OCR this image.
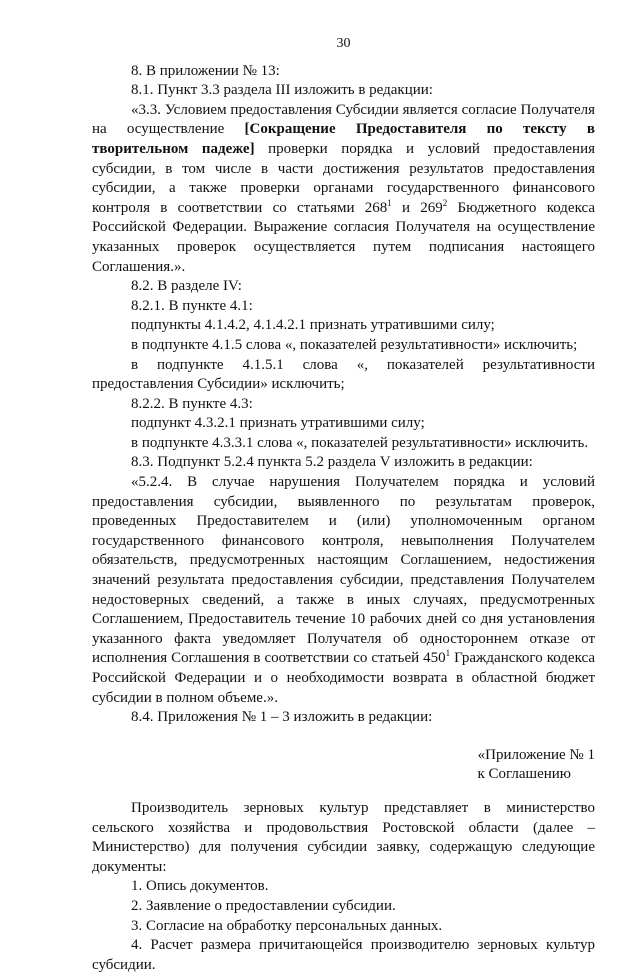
30

8. В приложении № 13:

8.1. Пункт 3.3 раздела III изложить в редакции:

«3.3. Условием предоставления Субсидии является согласие Получателя на осуществление [Сокращение Предоставителя по тексту в творительном падеже] проверки порядка и условий предоставления субсидии, в том числе в части достижения результатов предоставления субсидии, а также проверки органами государственного финансового контроля в соответствии со статьями $268^1$ и $269^2$ Бюджетного кодекса Российской Федерации. Выражение согласия Получателя на осуществление указанных проверок осуществляется путем подписания настоящего Соглашения.».

8.2. В разделе IV:

8.2.1. В пункте 4.1:

подпункты 4.1.4.2, 4.1.4.2.1 признать утратившими силу;

в подпункте 4.1.5 слова «, показателей результативности» исключить;

в подпункте 4.1.5.1 слова «, показателей результативности предоставления Субсидии» исключить;

8.2.2. В пункте 4.3:

подпункт 4.3.2.1 признать утратившими силу;

в подпункте 4.3.3.1 слова «, показателей результативности» исключить.

8.3. Подпункт 5.2.4 пункта 5.2 раздела V изложить в редакции:

«5.2.4. В случае нарушения Получателем порядка и условий предоставления субсидии, выявленного по результатам проверок, проведенных Предоставителем и (или) уполномоченным органом государственного финансового контроля, невыполнения Получателем обязательств, предусмотренных настоящим Соглашением, недостижения значений результата предоставления субсидии, представления Получателем недостоверных сведений, а также в иных случаях, предусмотренных Соглашением, Предоставитель течение 10 рабочих дней со дня установления указанного факта уведомляет Получателя об одностороннем отказе от исполнения Соглашения в соответствии со статьей $450^1$ Гражданского кодекса Российской Федерации и о необходимости возврата в областной бюджет субсидии в полном объеме.».

8.4. Приложения № 1 – 3 изложить в редакции:

«Приложение № 1
к Соглашению

Производитель зерновых культур представляет в министерство сельского хозяйства и продовольствия Ростовской области (далее – Министерство) для получения субсидии заявку, содержащую следующие документы:

1. Опись документов.

2. Заявление о предоставлении субсидии.

3. Согласие на обработку персональных данных.

4. Расчет размера причитающейся производителю зерновых культур субсидии.
